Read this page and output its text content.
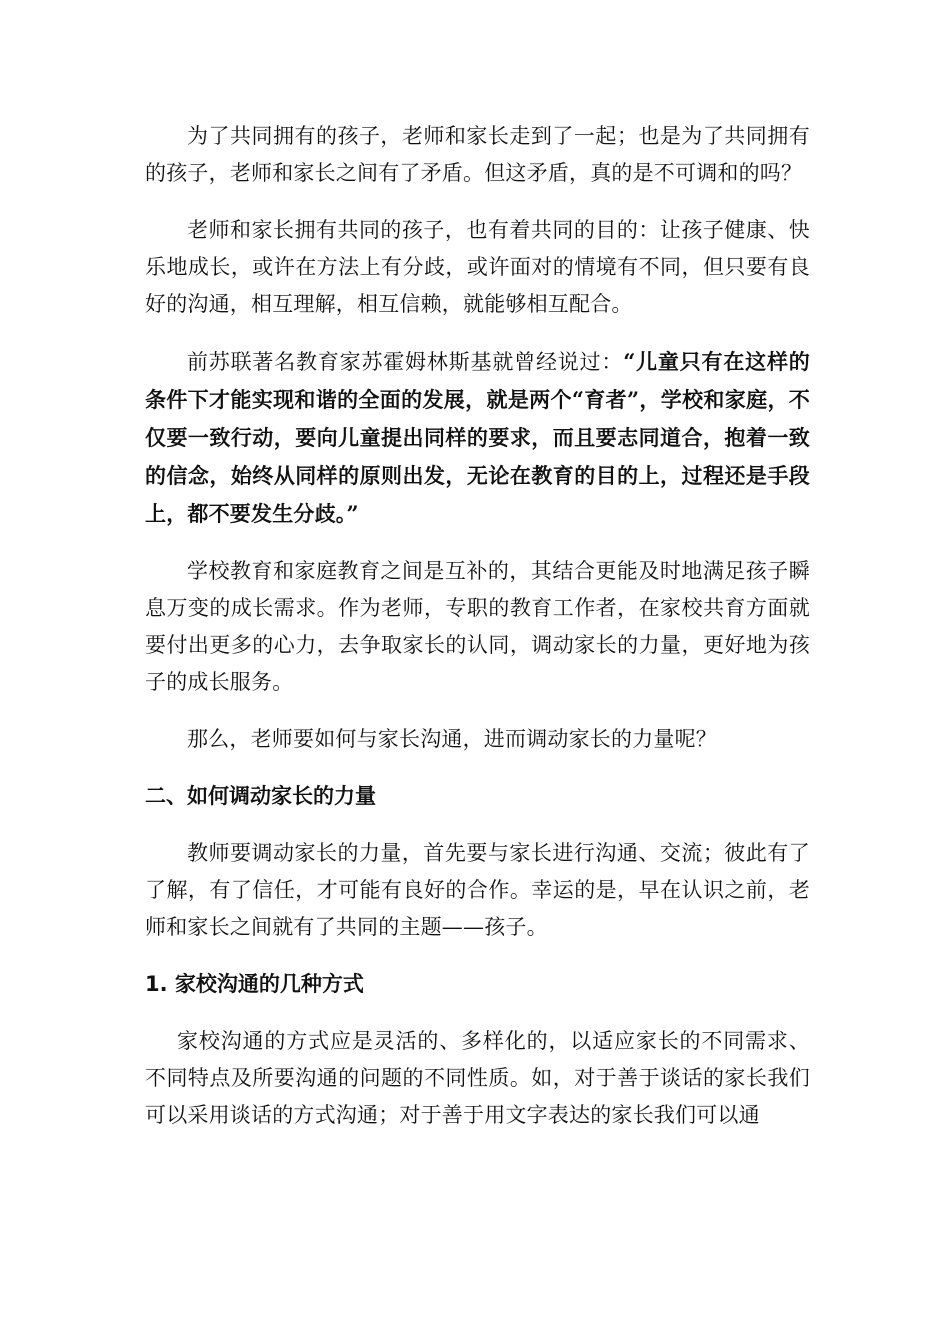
为了共同拥有的孩子，老师和家长走到了一起；也是为了共同拥有的孩子，老师和家长之间有了矛盾。但这矛盾，真的是不可调和的吗？

老师和家长拥有共同的孩子，也有着共同的目的：让孩子健康、快乐地成长，或许在方法上有分歧，或许面对的情境有不同，但只要有良好的沟通，相互理解，相互信赖，就能够相互配合。

前苏联著名教育家苏霍姆林斯基就曾经说过：“儿童只有在这样的条件下才能实现和谐的全面的发展，就是两个“育者”，学校和家庭，不仅要一致行动，要向儿童提出同样的要求，而且要志同道合，抱着一致的信念，始终从同样的原则出发，无论在教育的目的上，过程还是手段上，都不要发生分歧。”

学校教育和家庭教育之间是互补的，其结合更能及时地满足孩子瞬息万变的成长需求。作为老师，专职的教育工作者，在家校共育方面就要付出更多的心力，去争取家长的认同，调动家长的力量，更好地为孩子的成长服务。

那么，老师要如何与家长沟通，进而调动家长的力量呢？

二、如何调动家长的力量

教师要调动家长的力量，首先要与家长进行沟通、交流；彼此有了了解，有了信任，才可能有良好的合作。幸运的是，早在认识之前，老师和家长之间就有了共同的主题——孩子。

1. 家校沟通的几种方式

家校沟通的方式应是灵活的、多样化的，以适应家长的不同需求、不同特点及所要沟通的问题的不同性质。如，对于善于谈话的家长我们可以采用谈话的方式沟通；对于善于用文字表达的家长我们可以通
